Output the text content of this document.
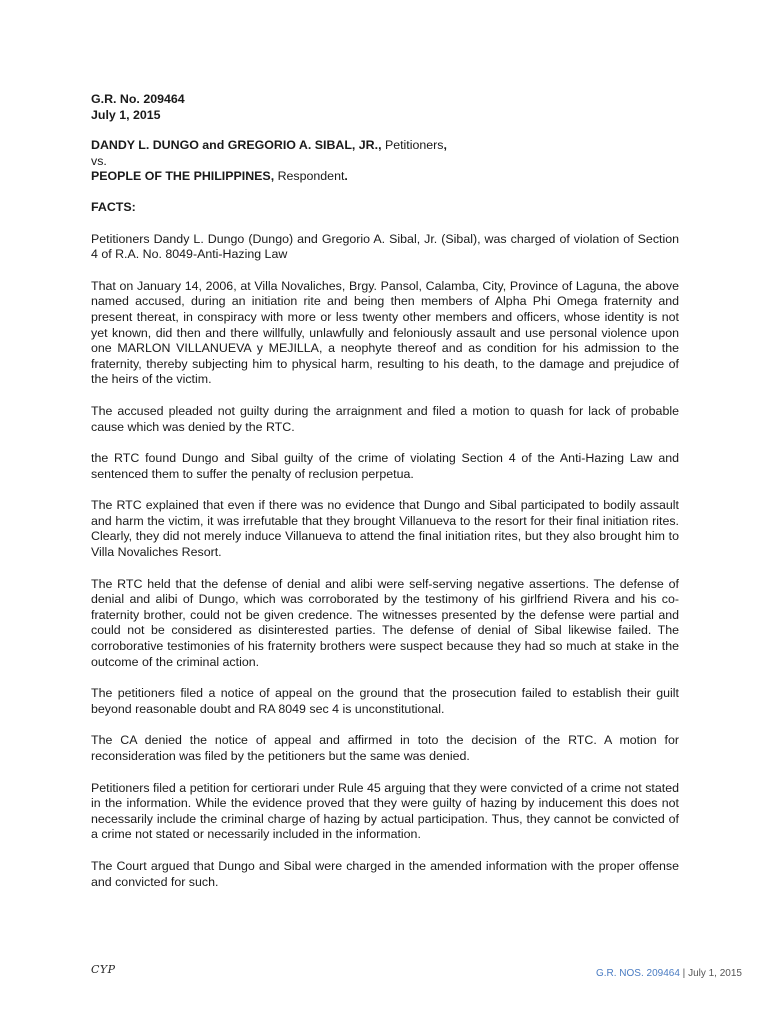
G.R. No. 209464

July 1, 2015

DANDY L. DUNGO and GREGORIO A. SIBAL, JR., Petitioners,

vs.

PEOPLE OF THE PHILIPPINES, Respondent.

FACTS:

Petitioners Dandy L. Dungo (Dungo) and Gregorio A. Sibal, Jr. (Sibal), was charged of violation of Section 4 of R.A. No. 8049-Anti-Hazing Law

That on January 14, 2006, at Villa Novaliches, Brgy. Pansol, Calamba, City, Province of Laguna, the above named accused, during an initiation rite and being then members of Alpha Phi Omega fraternity and present thereat, in conspiracy with more or less twenty other members and officers, whose identity is not yet known, did then and there willfully, unlawfully and feloniously assault and use personal violence upon one MARLON VILLANUEVA y MEJILLA, a neophyte thereof and as condition for his admission to the fraternity, thereby subjecting him to physical harm, resulting to his death, to the damage and prejudice of the heirs of the victim.

The accused pleaded not guilty during the arraignment and filed a motion to quash for lack of probable cause which was denied by the RTC.

the RTC found Dungo and Sibal guilty of the crime of violating Section 4 of the Anti-Hazing Law and sentenced them to suffer the penalty of reclusion perpetua.

The RTC explained that even if there was no evidence that Dungo and Sibal participated to bodily assault and harm the victim, it was irrefutable that they brought Villanueva to the resort for their final initiation rites. Clearly, they did not merely induce Villanueva to attend the final initiation rites, but they also brought him to Villa Novaliches Resort.

The RTC held that the defense of denial and alibi were self-serving negative assertions. The defense of denial and alibi of Dungo, which was corroborated by the testimony of his girlfriend Rivera and his co-fraternity brother, could not be given credence. The witnesses presented by the defense were partial and could not be considered as disinterested parties. The defense of denial of Sibal likewise failed. The corroborative testimonies of his fraternity brothers were suspect because they had so much at stake in the outcome of the criminal action.

The petitioners filed a notice of appeal on the ground that the prosecution failed to establish their guilt beyond reasonable doubt and RA 8049 sec 4 is unconstitutional.

The CA denied the notice of appeal and affirmed in toto the decision of the RTC. A motion for reconsideration was filed by the petitioners but the same was denied.

Petitioners filed a petition for certiorari under Rule 45 arguing that they were convicted of a crime not stated in the information. While the evidence proved that they were guilty of hazing by inducement this does not necessarily include the criminal charge of hazing by actual participation. Thus, they cannot be convicted of a crime not stated or necessarily included in the information.

The Court argued that Dungo and Sibal were charged in the amended information with the proper offense and convicted for such.

CYP	G.R. NOS. 209464 | July 1, 2015
